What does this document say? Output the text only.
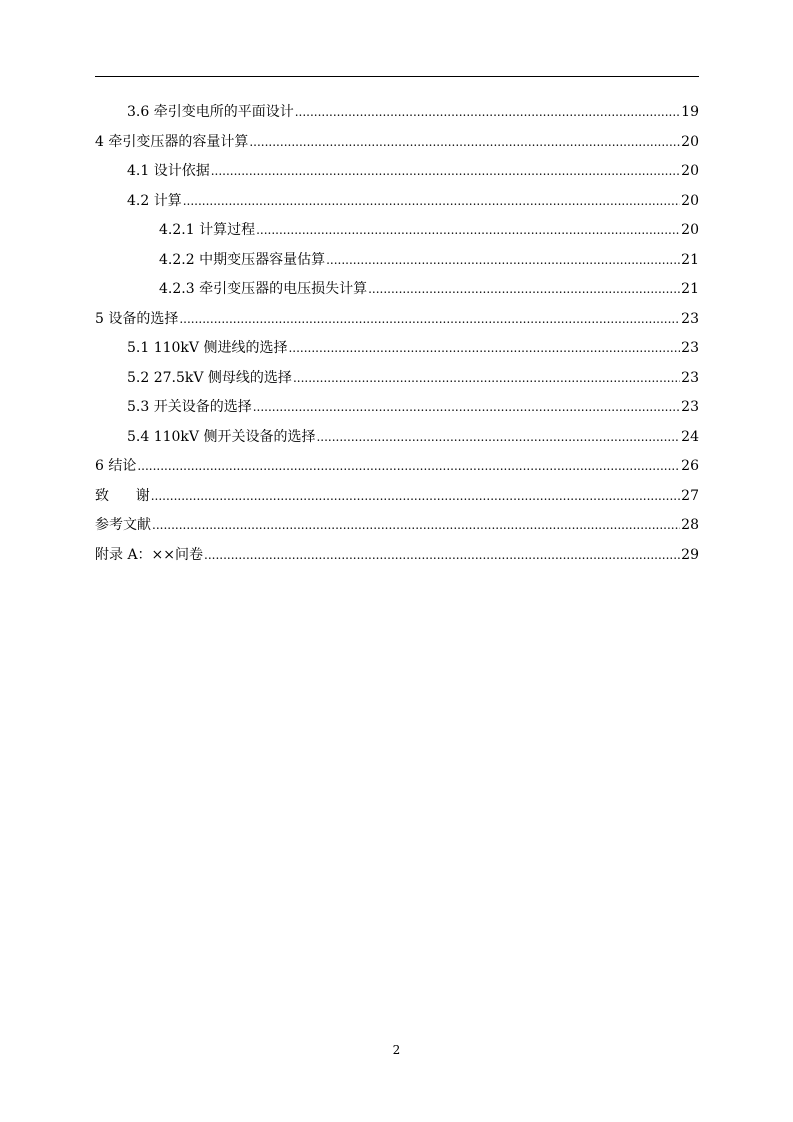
3.6 牵引变电所的平面设计 .....	19
4 牵引变压器的容量计算 .....	20
4.1 设计依据 .....	20
4.2 计算 .....	20
4.2.1 计算过程 .....	20
4.2.2 中期变压器容量估算 .....	21
4.2.3 牵引变压器的电压损失计算 .....	21
5 设备的选择 .....	23
5.1 110kV 侧进线的选择 .....	23
5.2 27.5kV 侧母线的选择 .....	23
5.3 开关设备的选择 .....	23
5.4 110kV 侧开关设备的选择 .....	24
6 结论 .....	26
致      谢 .....	27
参考文献 .....	28
附录 A：××问卷 .....	29
2
